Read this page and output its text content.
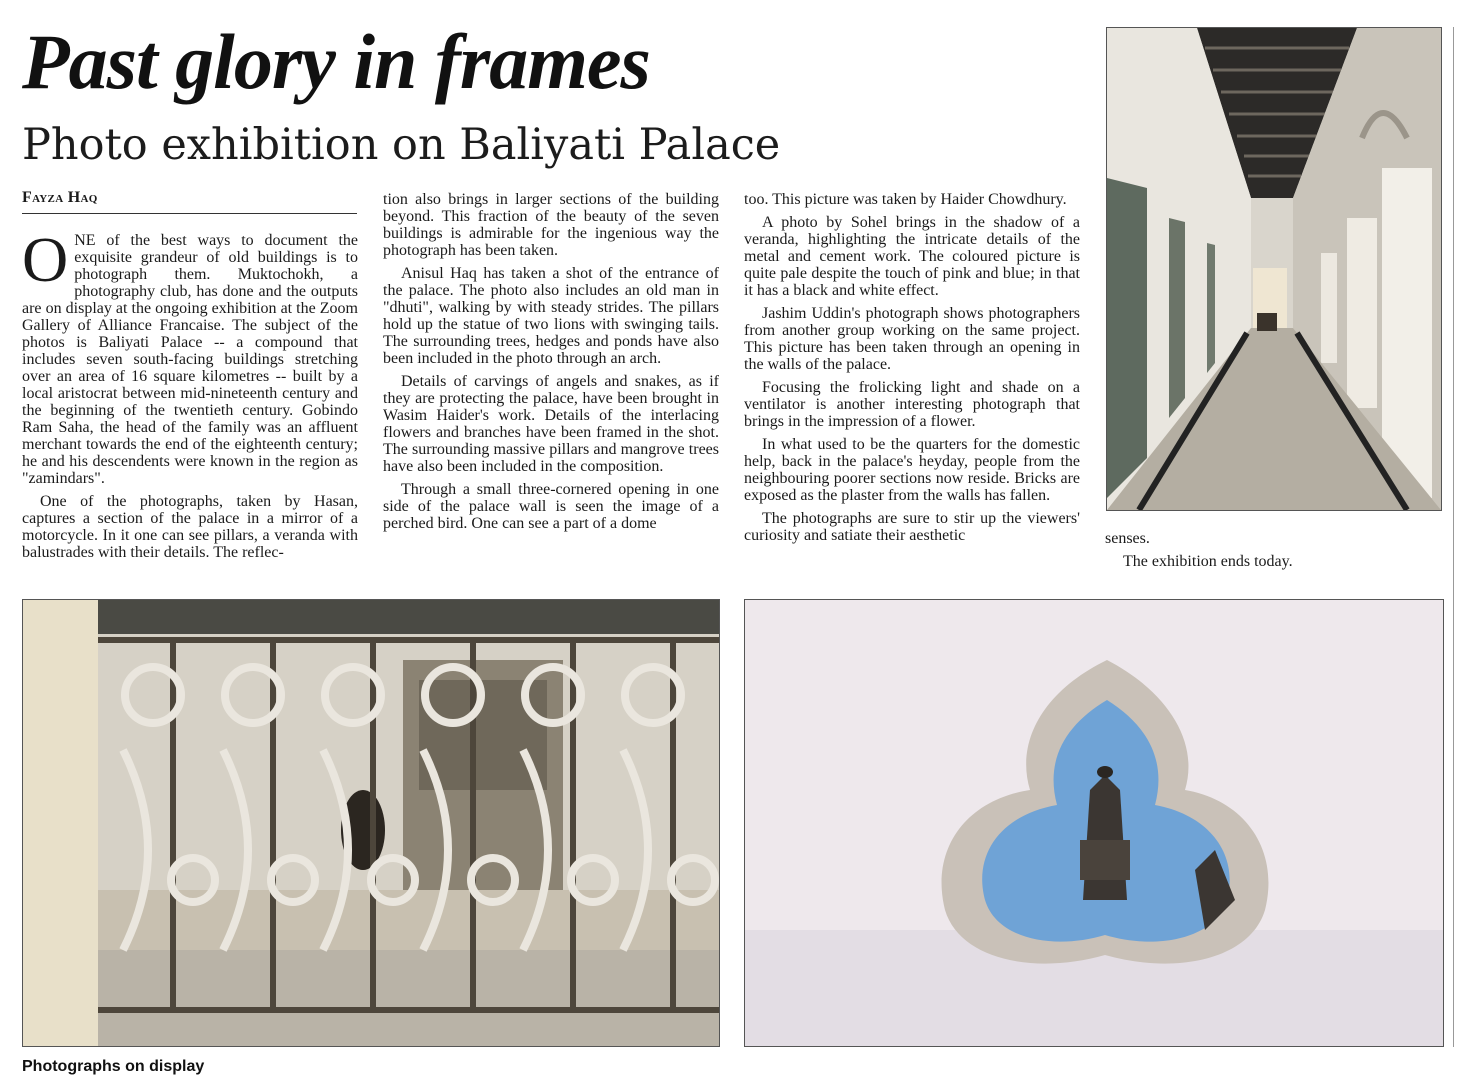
Past glory in frames
Photo exhibition on Baliyati Palace
Fayza Haq

ONE of the best ways to document the exquisite grandeur of old buildings is to photograph them. Muktochokh, a photography club, has done and the outputs are on display at the ongoing exhibition at the Zoom Gallery of Alliance Francaise. The subject of the photos is Baliyati Palace -- a compound that includes seven south-facing buildings stretching over an area of 16 square kilometres -- built by a local aristocrat between mid-nineteenth century and the beginning of the twentieth century. Gobindo Ram Saha, the head of the family was an affluent merchant towards the end of the eighteenth century; he and his descendents were known in the region as "zamindars".

One of the photographs, taken by Hasan, captures a section of the palace in a mirror of a motorcycle. In it one can see pillars, a veranda with balustrades with their details. The reflec-

tion also brings in larger sections of the building beyond. This fraction of the beauty of the seven buildings is admirable for the ingenious way the photograph has been taken.

Anisul Haq has taken a shot of the entrance of the palace. The photo also includes an old man in "dhuti", walking by with steady strides. The pillars hold up the statue of two lions with swinging tails. The surrounding trees, hedges and ponds have also been included in the photo through an arch.

Details of carvings of angels and snakes, as if they are protecting the palace, have been brought in Wasim Haider's work. Details of the interlacing flowers and branches have been framed in the shot. The surrounding massive pillars and mangrove trees have also been included in the composition.

Through a small three-cornered opening in one side of the palace wall is seen the image of a perched bird. One can see a part of a dome

too. This picture was taken by Haider Chowdhury.

A photo by Sohel brings in the shadow of a veranda, highlighting the intricate details of the metal and cement work. The coloured picture is quite pale despite the touch of pink and blue; in that it has a black and white effect.

Jashim Uddin's photograph shows photographers from another group working on the same project. This picture has been taken through an opening in the walls of the palace.

Focusing the frolicking light and shade on a ventilator is another interesting photograph that brings in the impression of a flower.

In what used to be the quarters for the domestic help, back in the palace's heyday, people from the neighbouring poorer sections now reside. Bricks are exposed as the plaster from the walls has fallen.

The photographs are sure to stir up the viewers' curiosity and satiate their aesthetic	senses.

The exhibition ends today.

Photographs on display
